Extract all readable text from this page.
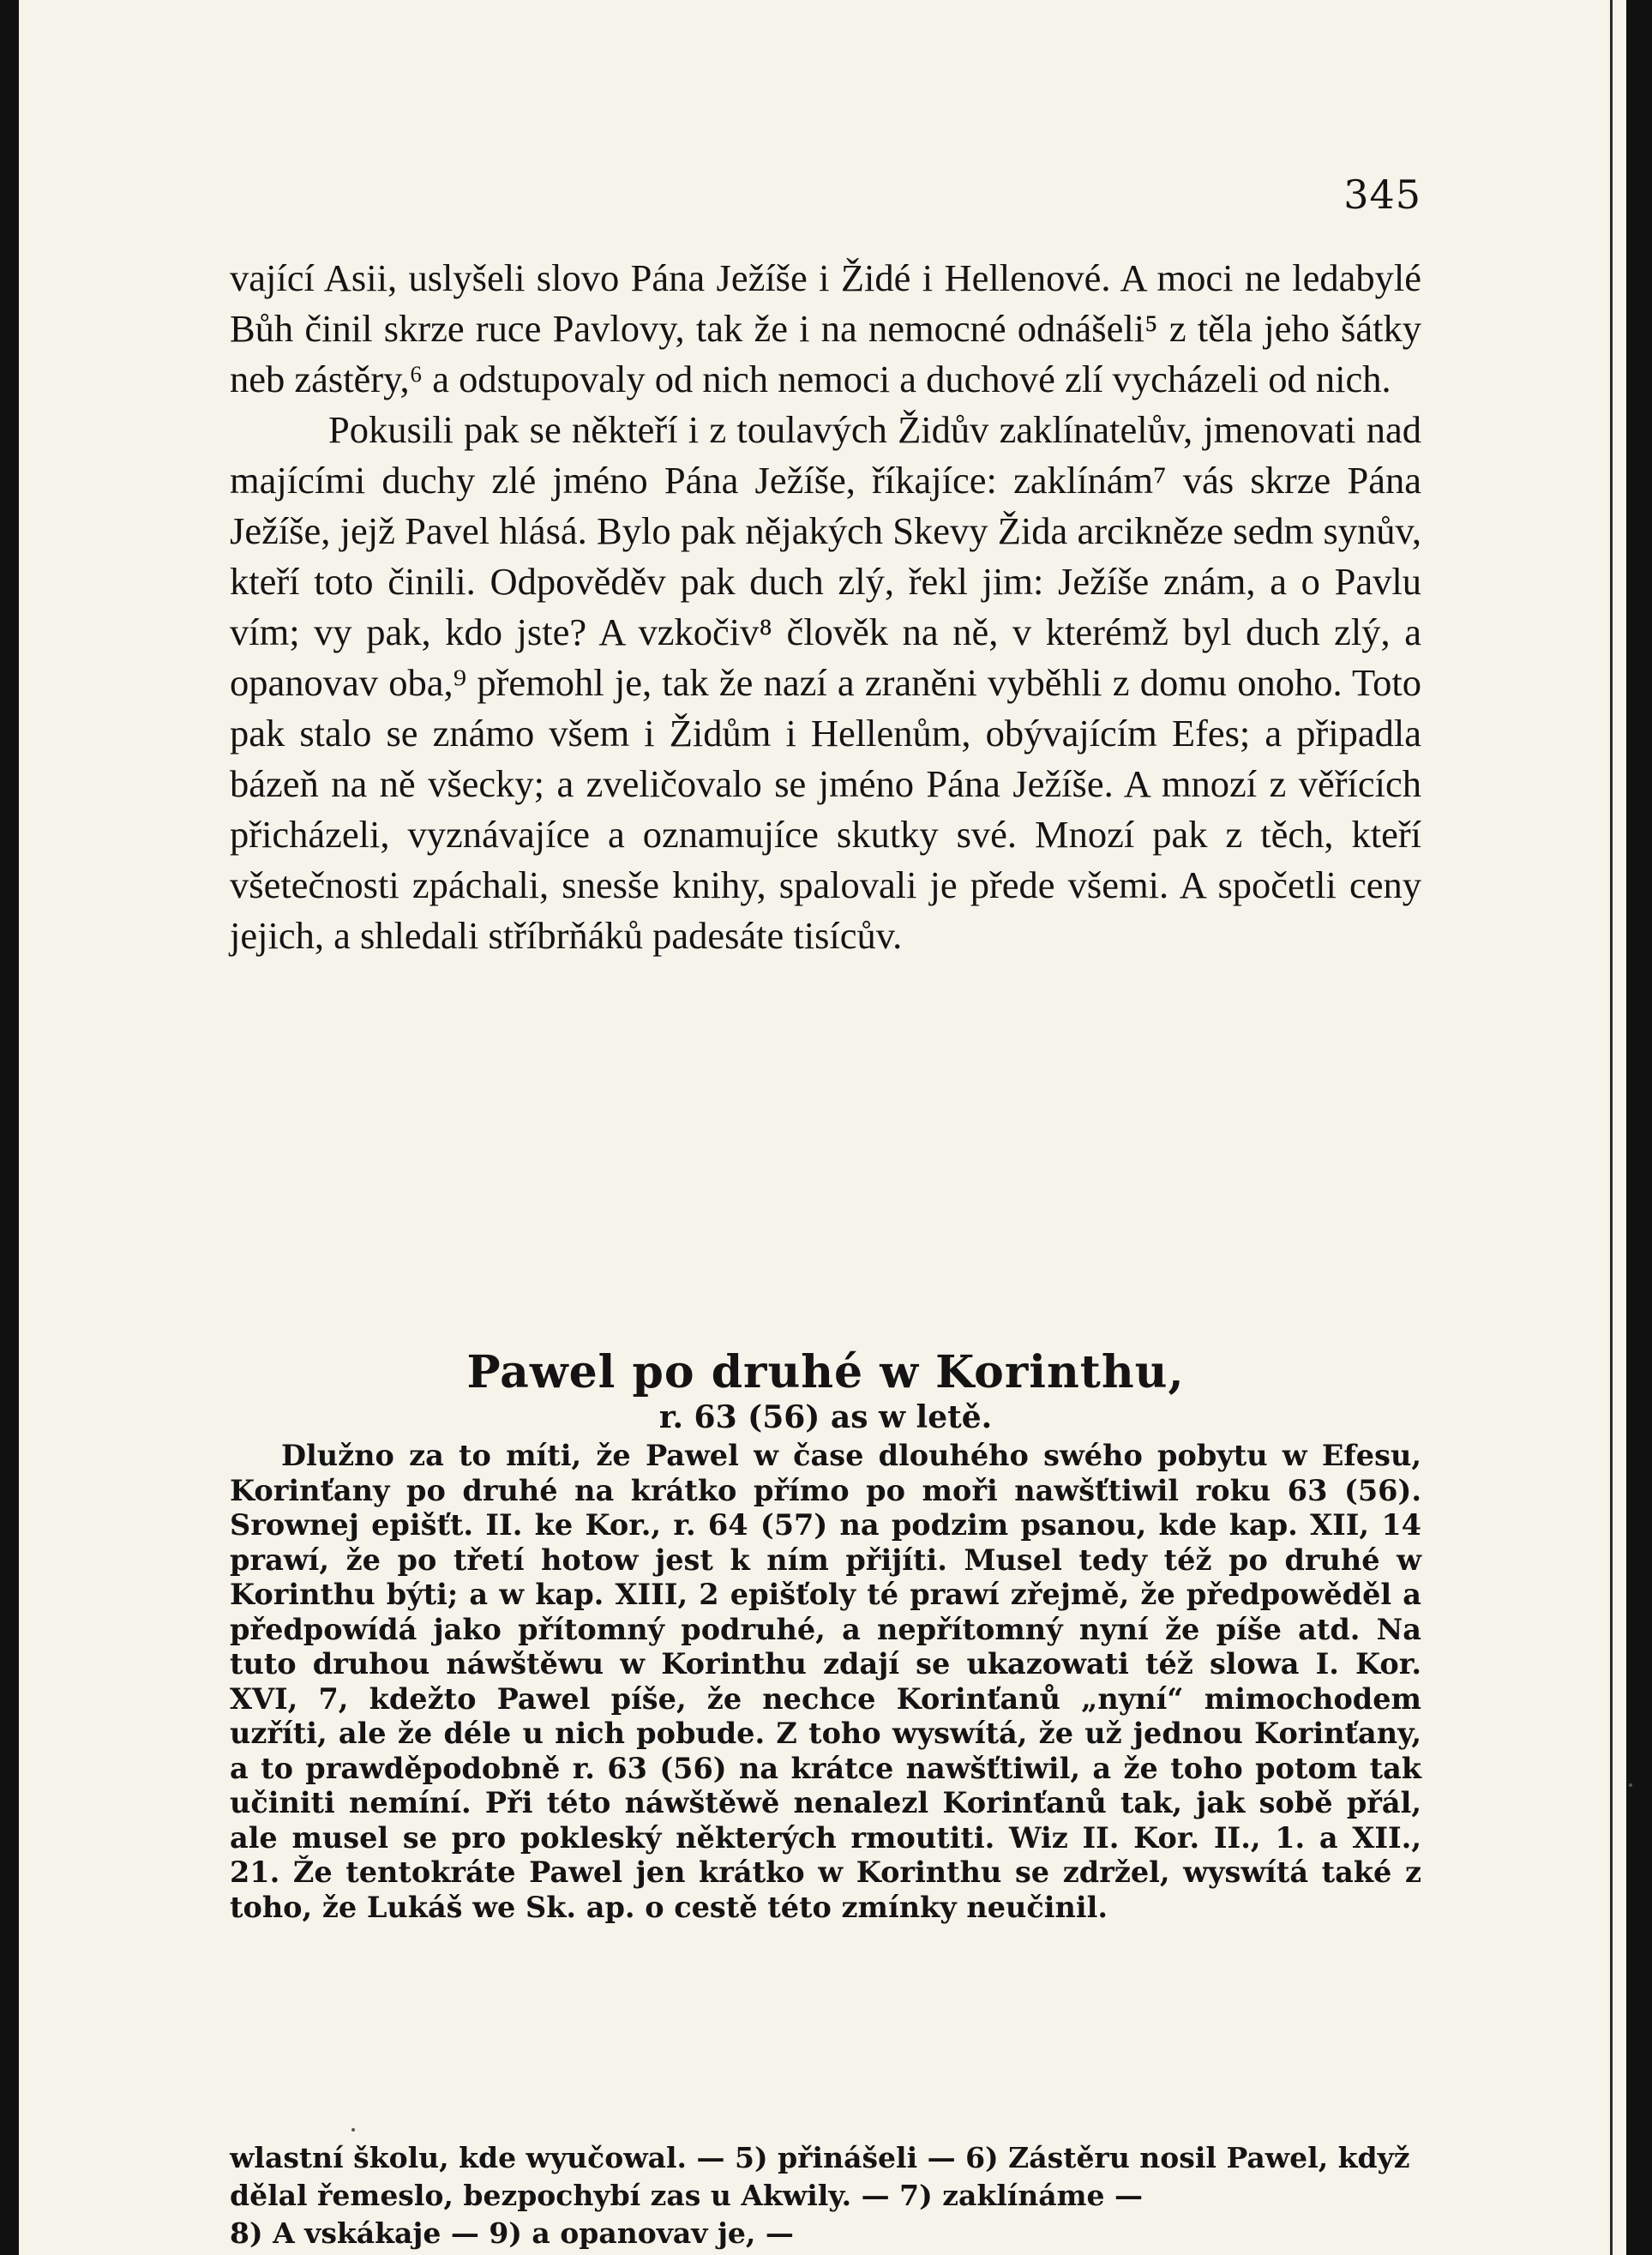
345

vající Asii, uslyšeli slovo Pána Ježíše i Židé i Hellenové. A moci ne ledabylé Bůh činil skrze ruce Pavlovy, tak že i na nemocné odnášeli⁵ z těla jeho šátky neb zástěry,⁶ a odstupovaly od nich nemoci a duchové zlí vycházeli od nich.

Pokusili pak se někteří i z toulavých Židův zaklínatelův, jmenovati nad majícími duchy zlé jméno Pána Ježíše, říkajíce: zaklínám⁷ vás skrze Pána Ježíše, jejž Pavel hlásá. Bylo pak nějakých Skevy Žida arcikněze sedm synův, kteří toto činili. Odpověděv pak duch zlý, řekl jim: Ježíše znám, a o Pavlu vím; vy pak, kdo jste? A vzkočiv⁸ člověk na ně, v kterémž byl duch zlý, a opanovav oba,⁹ přemohl je, tak že nazí a zraněni vyběhli z domu onoho. Toto pak stalo se známo všem i Židům i Hellenům, obývajícím Efes; a připadla bázeň na ně všecky; a zveličovalo se jméno Pána Ježíše. A mnozí z věřících přicházeli, vyznávajíce a oznamujíce skutky své. Mnozí pak z těch, kteří všetečnosti zpáchali, snesše knihy, spalovali je přede všemi. A spočetli ceny jejich, a shledali stříbrňáků padesáte tisícův.

Pawel po druhé w Korinthu,
r. 63 (56) as w letě.

Dlužno za to míti, že Pawel w čase dlouhého swého pobytu w Efesu, Korinťany po druhé na krátko přímo po moři nawšťtiwil roku 63 (56). Srownej epišťt. II. ke Kor., r. 64 (57) na podzim psanou, kde kap. XII, 14 prawí, že po třetí hotow jest k ním přijíti. Musel tedy též po druhé w Korinthu býti; a w kap. XIII, 2 epišťoly té prawí zřejmě, že předpowěděl a předpowídá jako přítomný podruhé, a nepřítomný nyní že píše atd. Na tuto druhou náwštěwu w Korinthu zdají se ukazowati též slowa I. Kor. XVI, 7, kdežto Pawel píše, že nechce Korinťanů „nyní“ mimochodem uzříti, ale že déle u nich pobude. Z toho wyswítá, že už jednou Korinťany, a to prawděpodobně r. 63 (56) na krátce nawšťtiwil, a že toho potom tak učiniti nemíní. Při této náwštěwě nenalezl Korinťanů tak, jak sobě přál, ale musel se pro pokleský některých rmoutiti. Wiz II. Kor. II., 1. a XII., 21. Že tentokráte Pawel jen krátko w Korinthu se zdržel, wyswítá také z toho, že Lukáš we Sk. ap. o cestě této zmínky neučinil.

wlastní školu, kde wyučowal. — 5) přinášeli — 6) Zástěru nosil Pawel, když dělal řemeslo, bezpochybí zas u Akwily. — 7) zaklínáme —

8) A vskákaje — 9) a opanovav je, —
